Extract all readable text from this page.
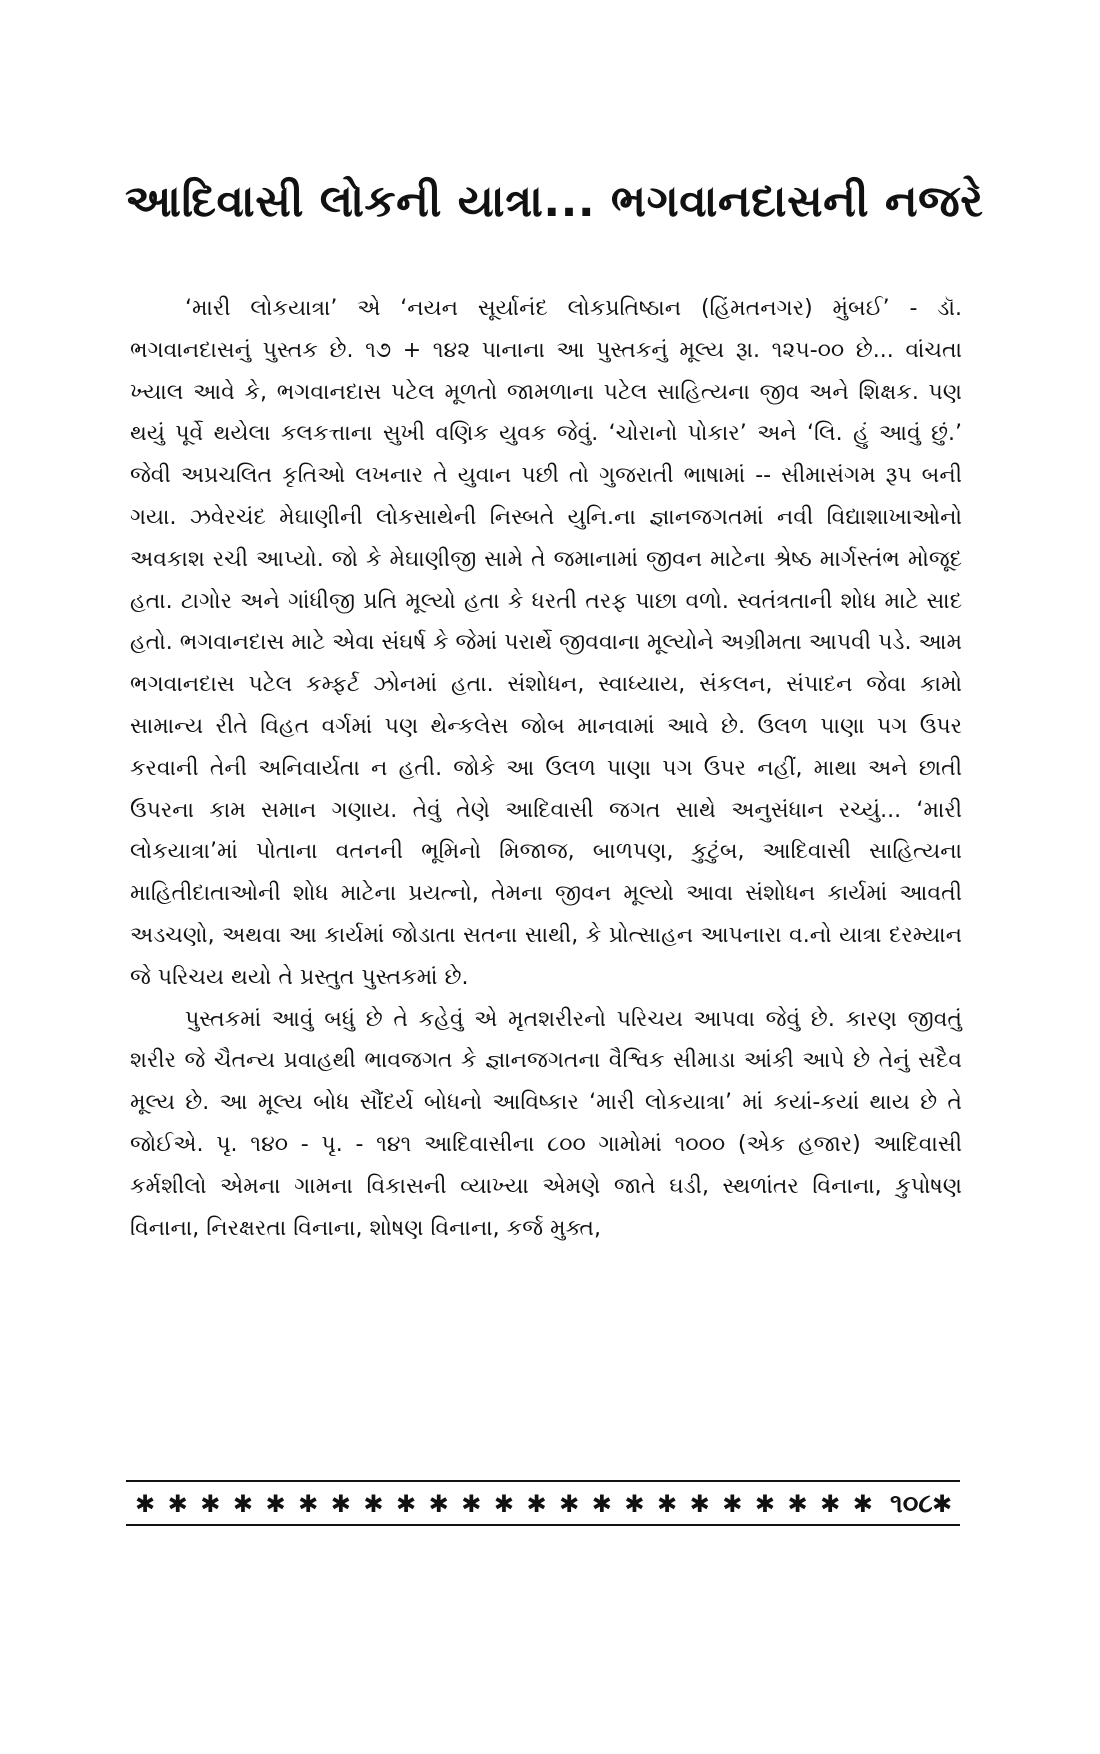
આદિવાસી લોકની યાત્રા... ભગવાનદાસની નજરે

‘મારી લોકયાત્રા’ એ ‘નયન સૂર્યાનંદ લોકપ્રતિષ્ઠાન (હિંમતનગર) મુંબઈ’ - ડૉ. ભગવાનદાસનું પુસ્તક છે. ૧૭ + ૧૪૨ પાનાના આ પુસ્તકનું મૂલ્ય રૂા. ૧૨૫-૦૦ છે... વાંચતા ખ્યાલ આવે કે, ભગવાનદાસ પટેલ મૂળતો જામળાના પટેલ સાહિત્યના જીવ અને શિક્ષક. પણ થયું પૂર્વે થયેલા કલકત્તાના સુખી વણિક યુવક જેવું. ‘ચોરાનો પોકાર’ અને ‘લિ. હું આવું છું.’ જેવી અપ્રચલિત કૃતિઓ લખનાર તે યુવાન પછી તો ગુજરાતી ભાષામાં -- સીમાસંગમ રૂપ બની ગયા. ઝવેરચંદ મેઘાણીની લોકસાથેની નિસ્બતે યુનિ.ના જ્ઞાનજગતમાં નવી વિદ્યાશાખાઓનો અવકાશ રચી આપ્યો. જો કે મેઘાણીજી સામે તે જમાનામાં જીવન માટેના શ્રેષ્ઠ માર્ગસ્તંભ મોજૂદ હતા. ટાગોર અને ગાંધીજી પ્રતિ મૂલ્યો હતા કે ધરતી તરફ પાછા વળો. સ્વતંત્રતાની શોધ માટે સાદ હતો. ભગવાનદાસ માટે એવા સંઘર્ષ કે જેમાં પરાર્થે જીવવાના મૂલ્યોને અગ્રીમતા આપવી પડે. આમ ભગવાનદાસ પટેલ કમ્ફર્ટ ઝોનમાં હતા. સંશોધન, સ્વાધ્યાય, સંકલન, સંપાદન જેવા કામો સામાન્ય રીતે વિહત વર્ગમાં પણ થેન્કલેસ જોબ માનવામાં આવે છે. ઉલળ પાણા પગ ઉપર કરવાની તેની અનિવાર્યતા ન હતી. જોકે આ ઉલળ પાણા પગ ઉપર નહીં, માથા અને છાતી ઉપરના કામ સમાન ગણાય. તેવું તેણે આદિવાસી જગત સાથે અનુસંધાન રચ્યું... ‘મારી લોકયાત્રા’માં પોતાના વતનની ભૂમિનો મિજાજ, બાળપણ, કુટુંબ, આદિવાસી સાહિત્યના માહિતીદાતાઓની શોધ માટેના પ્રયત્નો, તેમના જીવન મૂલ્યો આવા સંશોધન કાર્યમાં આવતી અડચણો, અથવા આ કાર્યમાં જોડાતા સતના સાથી, કે પ્રોત્સાહન આપનારા વ.નો યાત્રા દરમ્યાન જે પરિચય થયો તે પ્રસ્તુત પુસ્તકમાં છે.

પુસ્તકમાં આવું બધું છે તે કહેવું એ મૃતશરીરનો પરિચય આપવા જેવું છે. કારણ જીવતું શરીર જે ચૈતન્ય પ્રવાહથી ભાવજગત કે જ્ઞાનજગતના વૈશ્વિક સીમાડા આંકી આપે છે તેનું સદૈવ મૂલ્ય છે. આ મૂલ્ય બોધ સૌંદર્ય બોધનો આવિષ્કાર ‘મારી લોકયાત્રા’ માં કયાં-કયાં થાય છે તે જોઈએ. પૃ. ૧૪૦ - પૃ. - ૧૪૧ આદિવાસીના ૮૦૦ ગામોમાં ૧૦૦૦ (એક હજાર) આદિવાસી કર્મશીલો એમના ગામના વિકાસની વ્યાખ્યા એમણે જાતે ઘડી, સ્થળાંતર વિનાના, કુપોષણ વિનાના, નિરક્ષરતા વિનાના, શોષણ વિનાના, કર્જ મુક્ત,

✱ ✱ ✱ ✱ ✱ ✱ ✱ ✱ ✱ ✱ ✱ ✱ ✱ ✱ ✱ ✱ ✱ ✱ ✱ ✱ ✱ ✱ ✱ ૧૦૮ ✱
